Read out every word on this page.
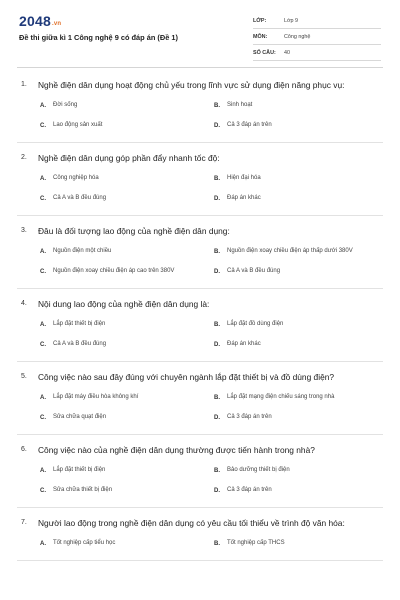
2048.vn
Đề thi giữa kì 1 Công nghệ 9 có đáp án (Đề 1)
LỚP:	Lớp 9
MÔN:	Công nghệ
SỐ CÂU:	40
1.	Nghề điện dân dụng hoạt động chủ yếu trong lĩnh vực sử dụng điện năng phục vụ:
A.	Đời sống	B.	Sinh hoạt
C.	Lao động sản xuất	D.	Cả 3 đáp án trên
2.	Nghề điện dân dụng góp phần đẩy nhanh tốc độ:
A.	Công nghiệp hóa	B.	Hiện đại hóa
C.	Cả A và B đều đúng	D.	Đáp án khác
3.	Đâu là đối tượng lao động của nghề điện dân dụng:
A.	Nguồn điện một chiều	B.	Nguồn điện xoay chiều điện áp thấp dưới 380V
C.	Nguồn điện xoay chiều điện áp cao trên 380V	D.	Cả A và B đều đúng
4.	Nội dung lao động của nghề điện dân dụng là:
A.	Lắp đặt thiết bị điện	B.	Lắp đặt đồ dùng điện
C.	Cả A và B đều đúng	D.	Đáp án khác
5.	Công việc nào sau đây đúng với chuyên ngành lắp đặt thiết bị và đồ dùng điện?
A.	Lắp đặt máy điều hòa không khí	B.	Lắp đặt mạng điện chiếu sáng trong nhà
C.	Sửa chữa quạt điện	D.	Cả 3 đáp án trên
6.	Công việc nào của nghề điện dân dụng thường được tiến hành trong nhà?
A.	Lắp đặt thiết bị điện	B.	Bảo dưỡng thiết bị điện
C.	Sửa chữa thiết bị điện	D.	Cả 3 đáp án trên
7.	Người lao động trong nghề điện dân dụng có yêu cầu tối thiểu về trình độ văn hóa:
A.	Tốt nghiệp cấp tiểu học	B.	Tốt nghiệp cấp THCS
